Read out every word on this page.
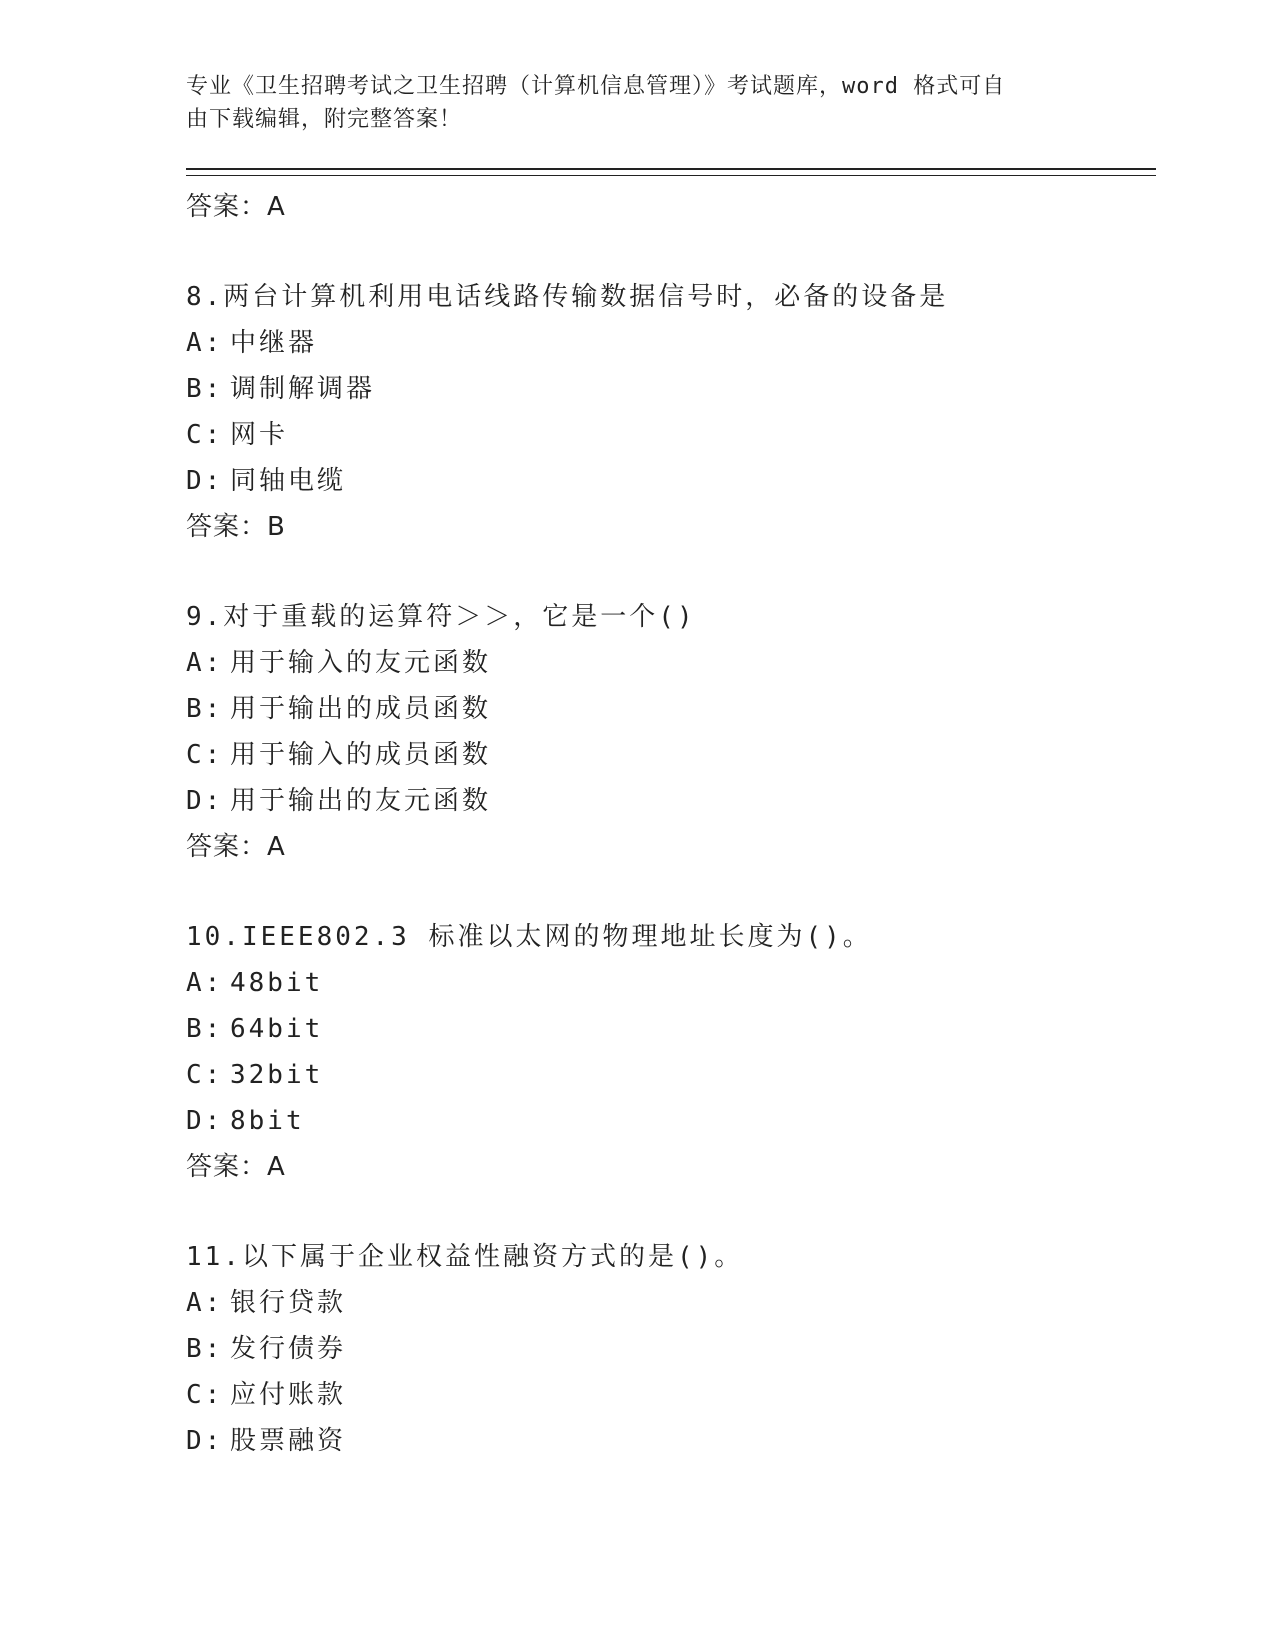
专业《卫生招聘考试之卫生招聘（计算机信息管理）》考试题库，word 格式可自
由下载编辑，附完整答案！

答案：A
8.两台计算机利用电话线路传输数据信号时，必备的设备是
A: 中继器
B: 调制解调器
C: 网卡
D: 同轴电缆
答案：B
9.对于重载的运算符＞＞，它是一个()
A: 用于输入的友元函数
B: 用于输出的成员函数
C: 用于输入的成员函数
D: 用于输出的友元函数
答案：A
10.IEEE802.3 标准以太网的物理地址长度为()。
A: 48bit
B: 64bit
C: 32bit
D: 8bit
答案：A
11.以下属于企业权益性融资方式的是()。
A: 银行贷款
B: 发行债券
C: 应付账款
D: 股票融资
